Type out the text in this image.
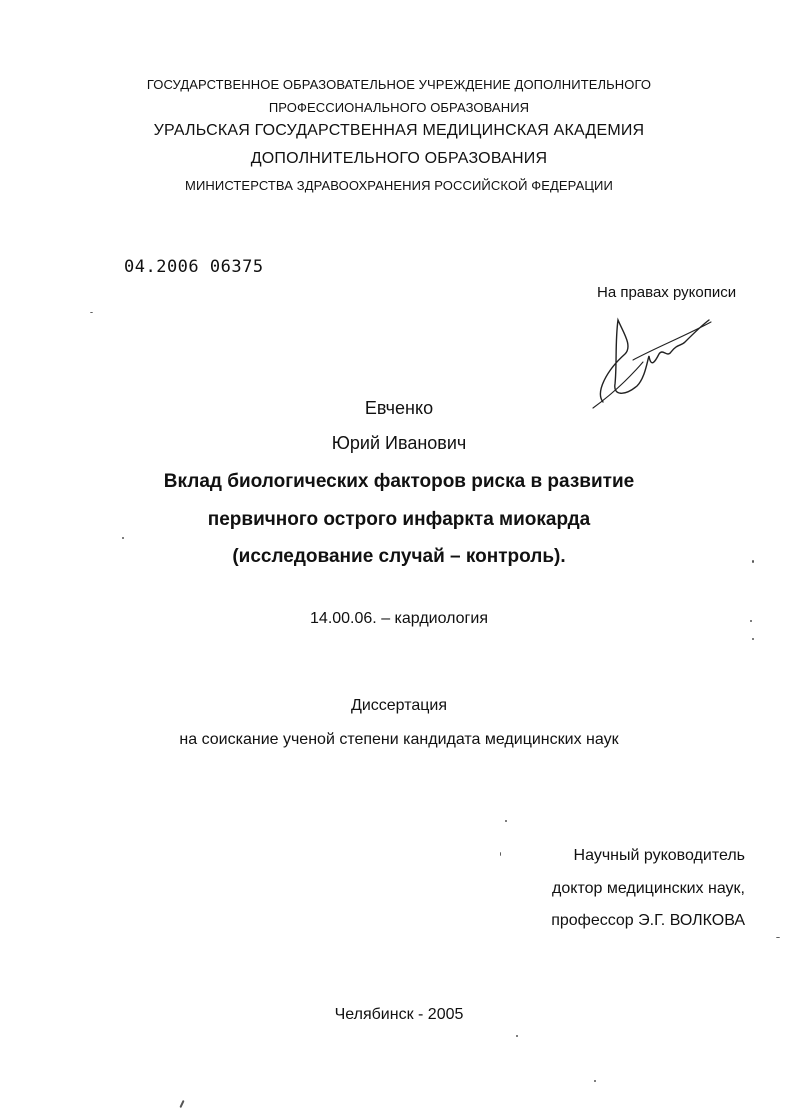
ГОСУДАРСТВЕННОЕ ОБРАЗОВАТЕЛЬНОЕ УЧРЕЖДЕНИЕ ДОПОЛНИТЕЛЬНОГО
ПРОФЕССИОНАЛЬНОГО ОБРАЗОВАНИЯ
УРАЛЬСКАЯ ГОСУДАРСТВЕННАЯ МЕДИЦИНСКАЯ АКАДЕМИЯ
ДОПОЛНИТЕЛЬНОГО ОБРАЗОВАНИЯ
МИНИСТЕРСТВА ЗДРАВООХРАНЕНИЯ РОССИЙСКОЙ ФЕДЕРАЦИИ
04.2006 06375
На правах рукописи
Евченко
Юрий Иванович
Вклад биологических факторов риска в развитие
первичного острого инфаркта миокарда
(исследование случай – контроль).
14.00.06. – кардиология
Диссертация
на соискание ученой степени кандидата медицинских наук
Научный руководитель
доктор медицинских наук,
профессор Э.Г. ВОЛКОВА
Челябинск - 2005
